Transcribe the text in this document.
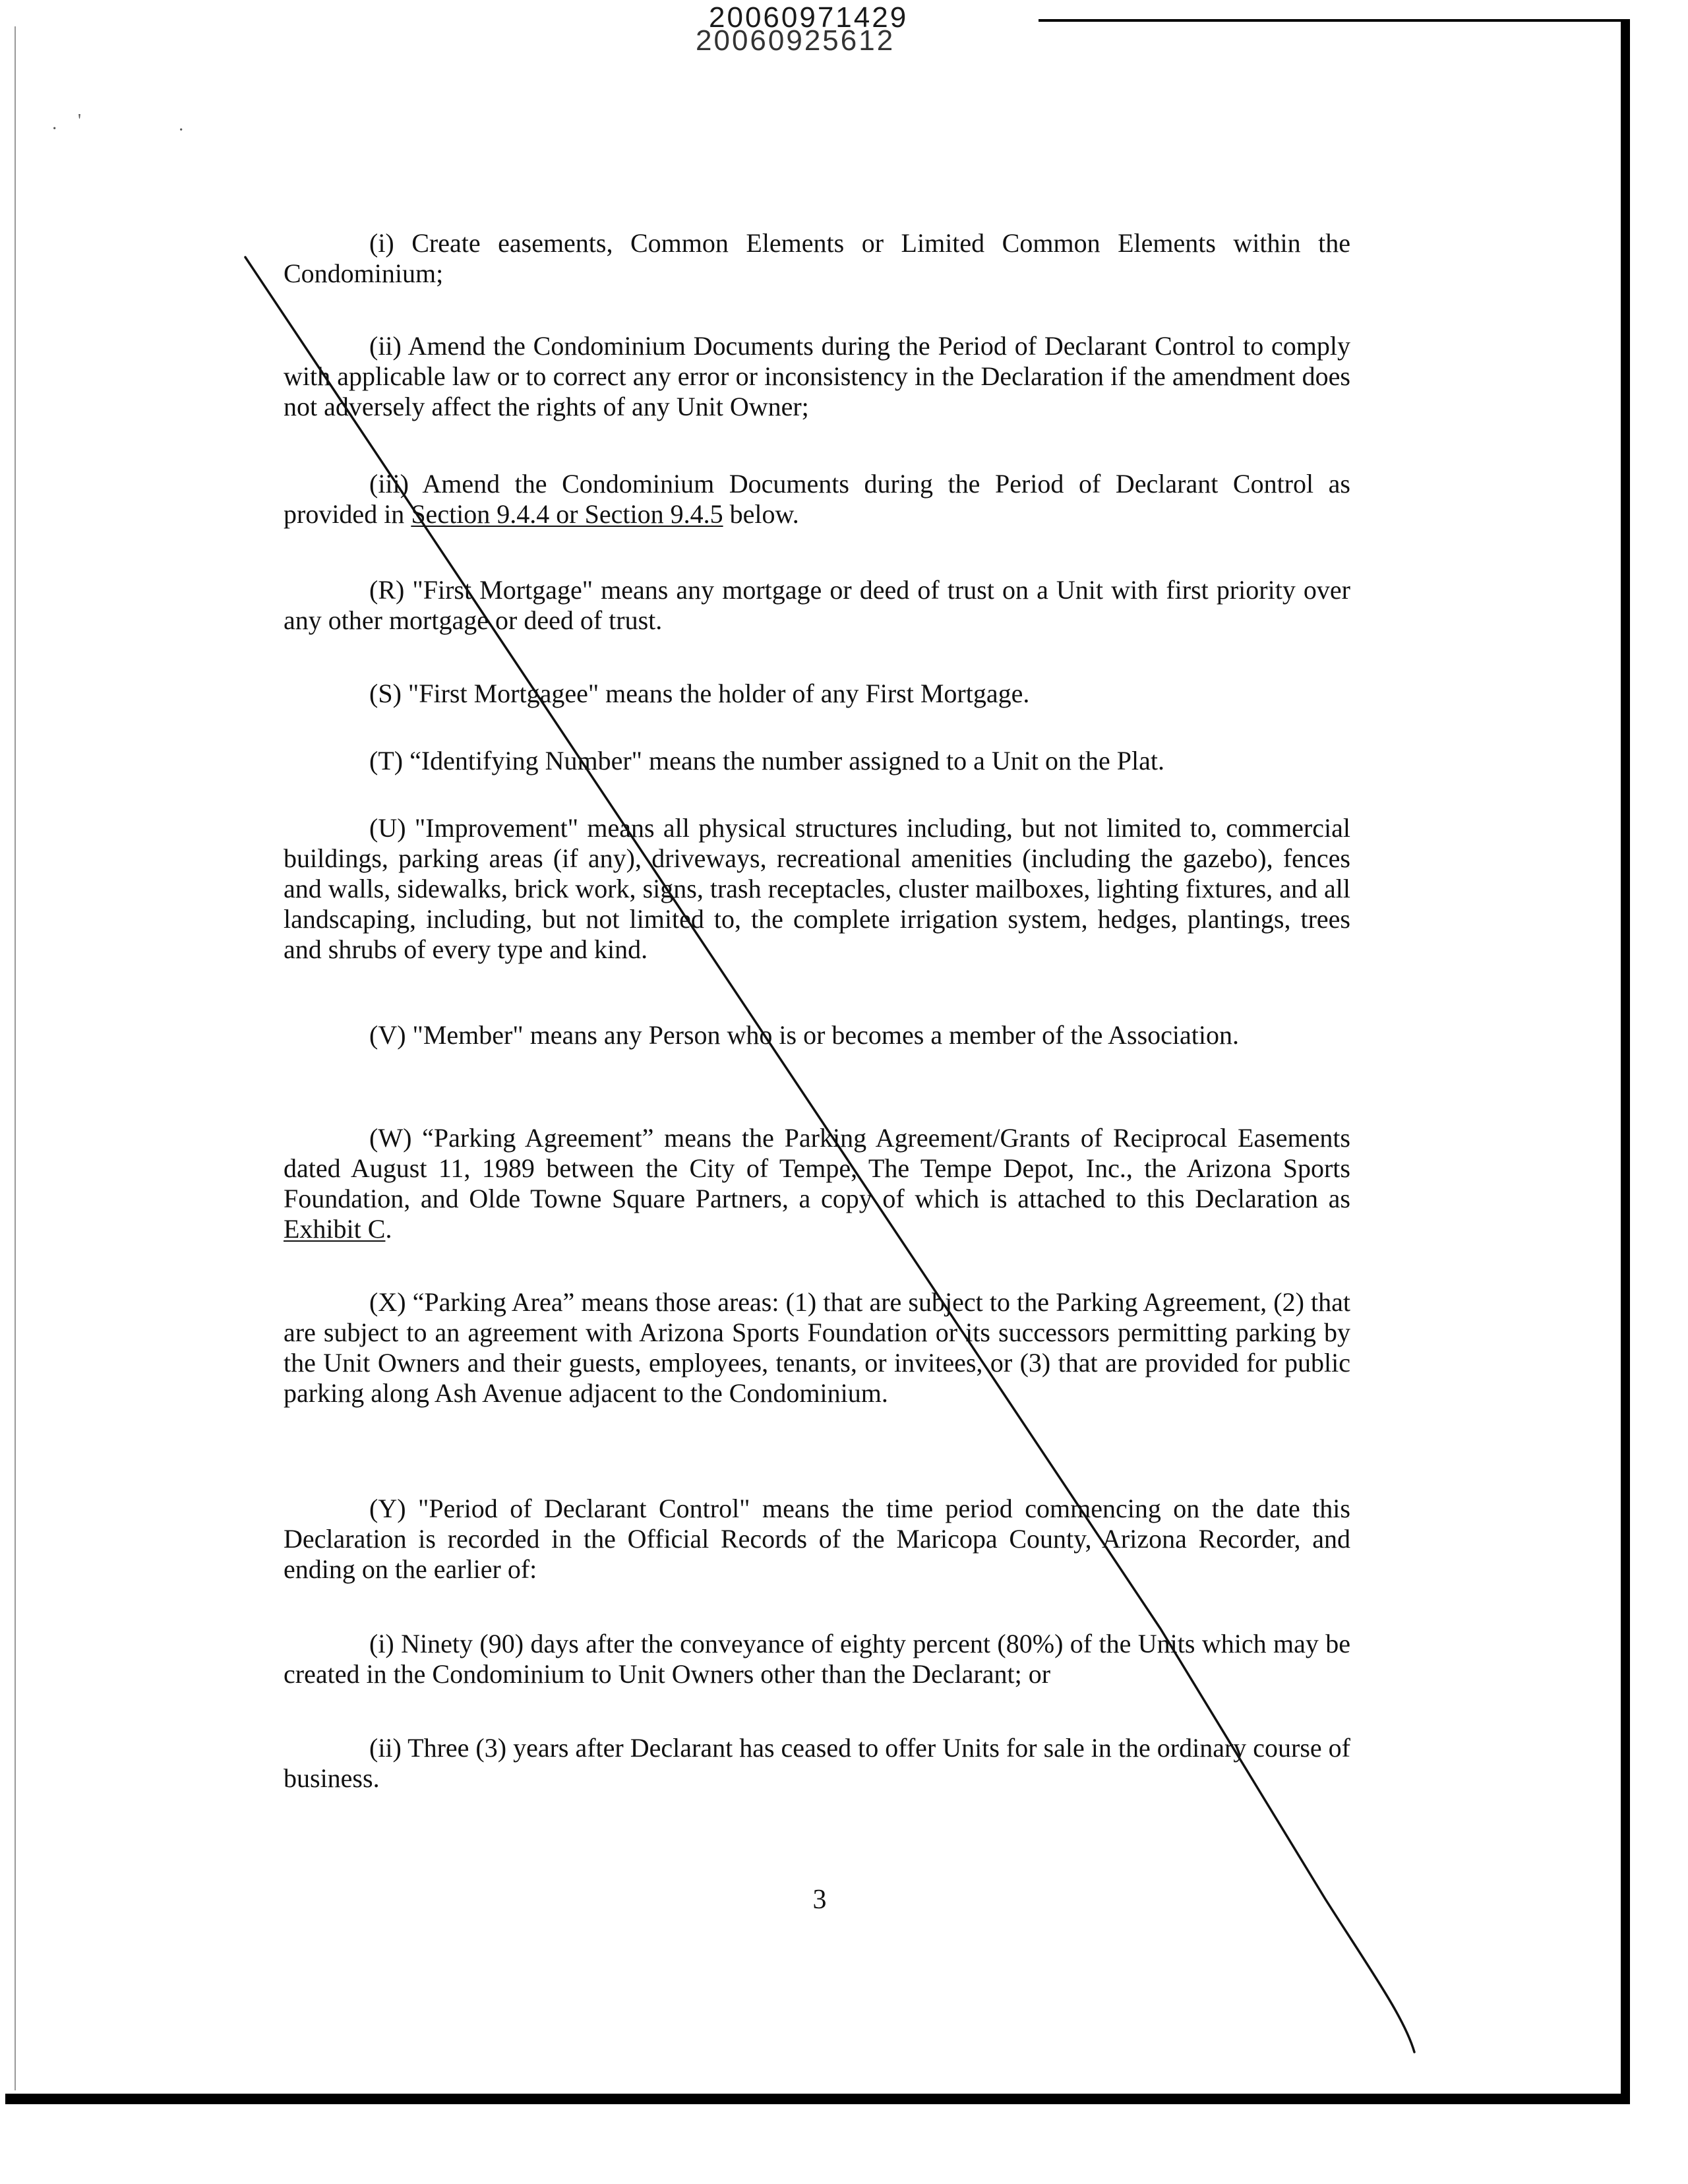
20060971429
20060925612
· '	·

(i) Create easements, Common Elements or Limited Common Elements within the Condominium;

(ii) Amend the Condominium Documents during the Period of Declarant Control to comply with applicable law or to correct any error or inconsistency in the Declaration if the amendment does not adversely affect the rights of any Unit Owner;

(iii) Amend the Condominium Documents during the Period of Declarant Control as provided in Section 9.4.4 or Section 9.4.5 below.

(R) "First Mortgage" means any mortgage or deed of trust on a Unit with first priority over any other mortgage or deed of trust.

(S) "First Mortgagee" means the holder of any First Mortgage.

(T) “Identifying Number" means the number assigned to a Unit on the Plat.

(U) "Improvement" means all physical structures including, but not limited to, commercial buildings, parking areas (if any), driveways, recreational amenities (including the gazebo), fences and walls, sidewalks, brick work, signs, trash receptacles, cluster mailboxes, lighting fixtures, and all landscaping, including, but not limited to, the complete irrigation system, hedges, plantings, trees and shrubs of every type and kind.

(V) "Member" means any Person who is or becomes a member of the Association.

(W) “Parking Agreement” means the Parking Agreement/Grants of Reciprocal Easements dated August 11, 1989 between the City of Tempe, The Tempe Depot, Inc., the Arizona Sports Foundation, and Olde Towne Square Partners, a copy of which is attached to this Declaration as Exhibit C.

(X) “Parking Area” means those areas: (1) that are subject to the Parking Agreement, (2) that are subject to an agreement with Arizona Sports Foundation or its successors permitting parking by the Unit Owners and their guests, employees, tenants, or invitees, or (3) that are provided for public parking along Ash Avenue adjacent to the Condominium.

(Y) "Period of Declarant Control" means the time period commencing on the date this Declaration is recorded in the Official Records of the Maricopa County, Arizona Recorder, and ending on the earlier of:

(i) Ninety (90) days after the conveyance of eighty percent (80%) of the Units which may be created in the Condominium to Unit Owners other than the Declarant; or

(ii) Three (3) years after Declarant has ceased to offer Units for sale in the ordinary course of business.

3
